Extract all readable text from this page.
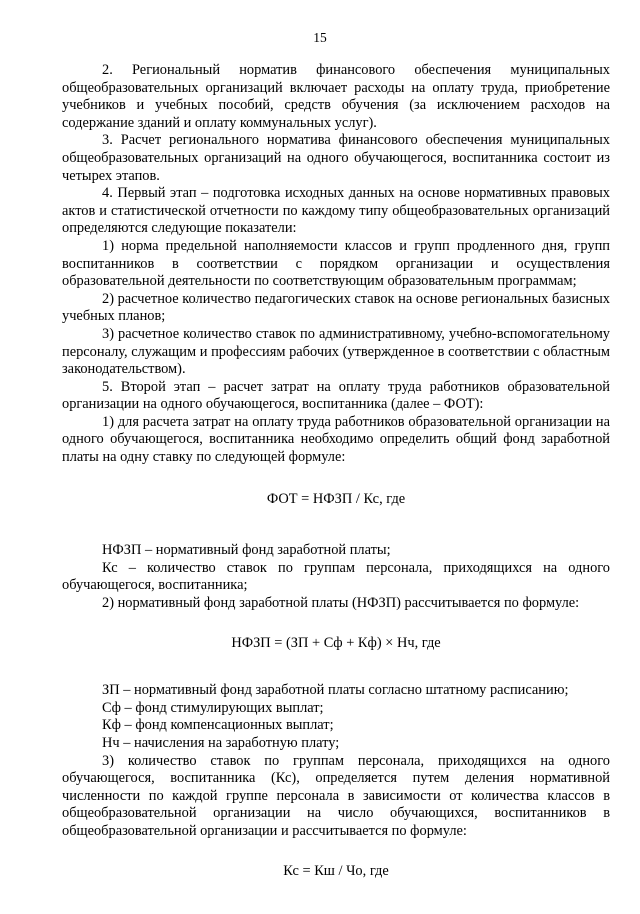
15

2. Региональный норматив финансового обеспечения муниципальных общеобразовательных организаций включает расходы на оплату труда, приобретение учебников и учебных пособий, средств обучения (за исключением расходов на содержание зданий и оплату коммунальных услуг).

3. Расчет регионального норматива финансового обеспечения муниципальных общеобразовательных организаций на одного обучающегося, воспитанника состоит из четырех этапов.

4. Первый этап – подготовка исходных данных на основе нормативных правовых актов и статистической отчетности по каждому типу общеобразовательных организаций определяются следующие показатели:

1) норма предельной наполняемости классов и групп продленного дня, групп воспитанников в соответствии с порядком организации и осуществления образовательной деятельности по соответствующим образовательным программам;

2) расчетное количество педагогических ставок на основе региональных базисных учебных планов;

3) расчетное количество ставок по административному, учебно-вспомогательному персоналу, служащим и профессиям рабочих (утвержденное в соответствии с областным законодательством).

5. Второй этап – расчет затрат на оплату труда работников образовательной организации на одного обучающегося, воспитанника (далее – ФОТ):

1) для расчета затрат на оплату труда работников образовательной организации на одного обучающегося, воспитанника необходимо определить общий фонд заработной платы на одну ставку по следующей формуле:

ФОТ = НФЗП / Кс, где

НФЗП – нормативный фонд заработной платы;

Кс – количество ставок по группам персонала, приходящихся на одного обучающегося, воспитанника;

2) нормативный фонд заработной платы (НФЗП) рассчитывается по формуле:

НФЗП = (ЗП + Сф + Кф) × Нч, где

ЗП – нормативный фонд заработной платы согласно штатному расписанию;

Сф – фонд стимулирующих выплат;

Кф – фонд компенсационных выплат;

Нч – начисления на заработную плату;

3) количество ставок по группам персонала, приходящихся на одного обучающегося, воспитанника (Кс), определяется путем деления нормативной численности по каждой группе персонала в зависимости от количества классов в общеобразовательной организации на число обучающихся, воспитанников в общеобразовательной организации и рассчитывается по формуле:

Кс = Кш / Чо, где
